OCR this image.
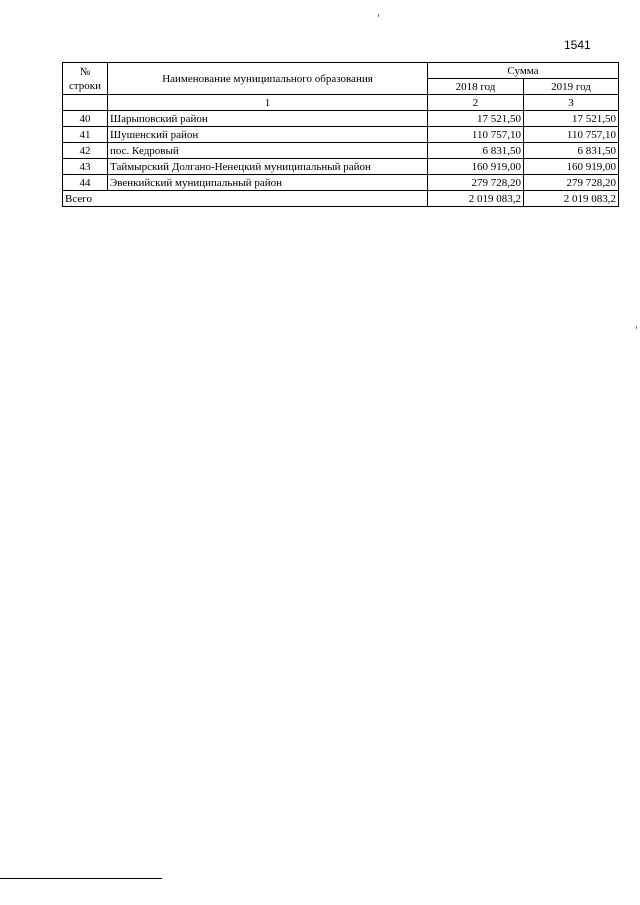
1541
№
строки	Наименование муниципального образования	Сумма	
		2018 год	2019 год
	1	2	3
40	Шарыповский район	17 521,50	17 521,50
41	Шушенский район	110 757,10	110 757,10
42	пос. Кедровый	6 831,50	6 831,50
43	Таймырский Долгано-Ненецкий муниципальный район	160 919,00	160 919,00
44	Эвенкийский муниципальный район	279 728,20	279 728,20
Всего		2 019 083,2	2 019 083,2
